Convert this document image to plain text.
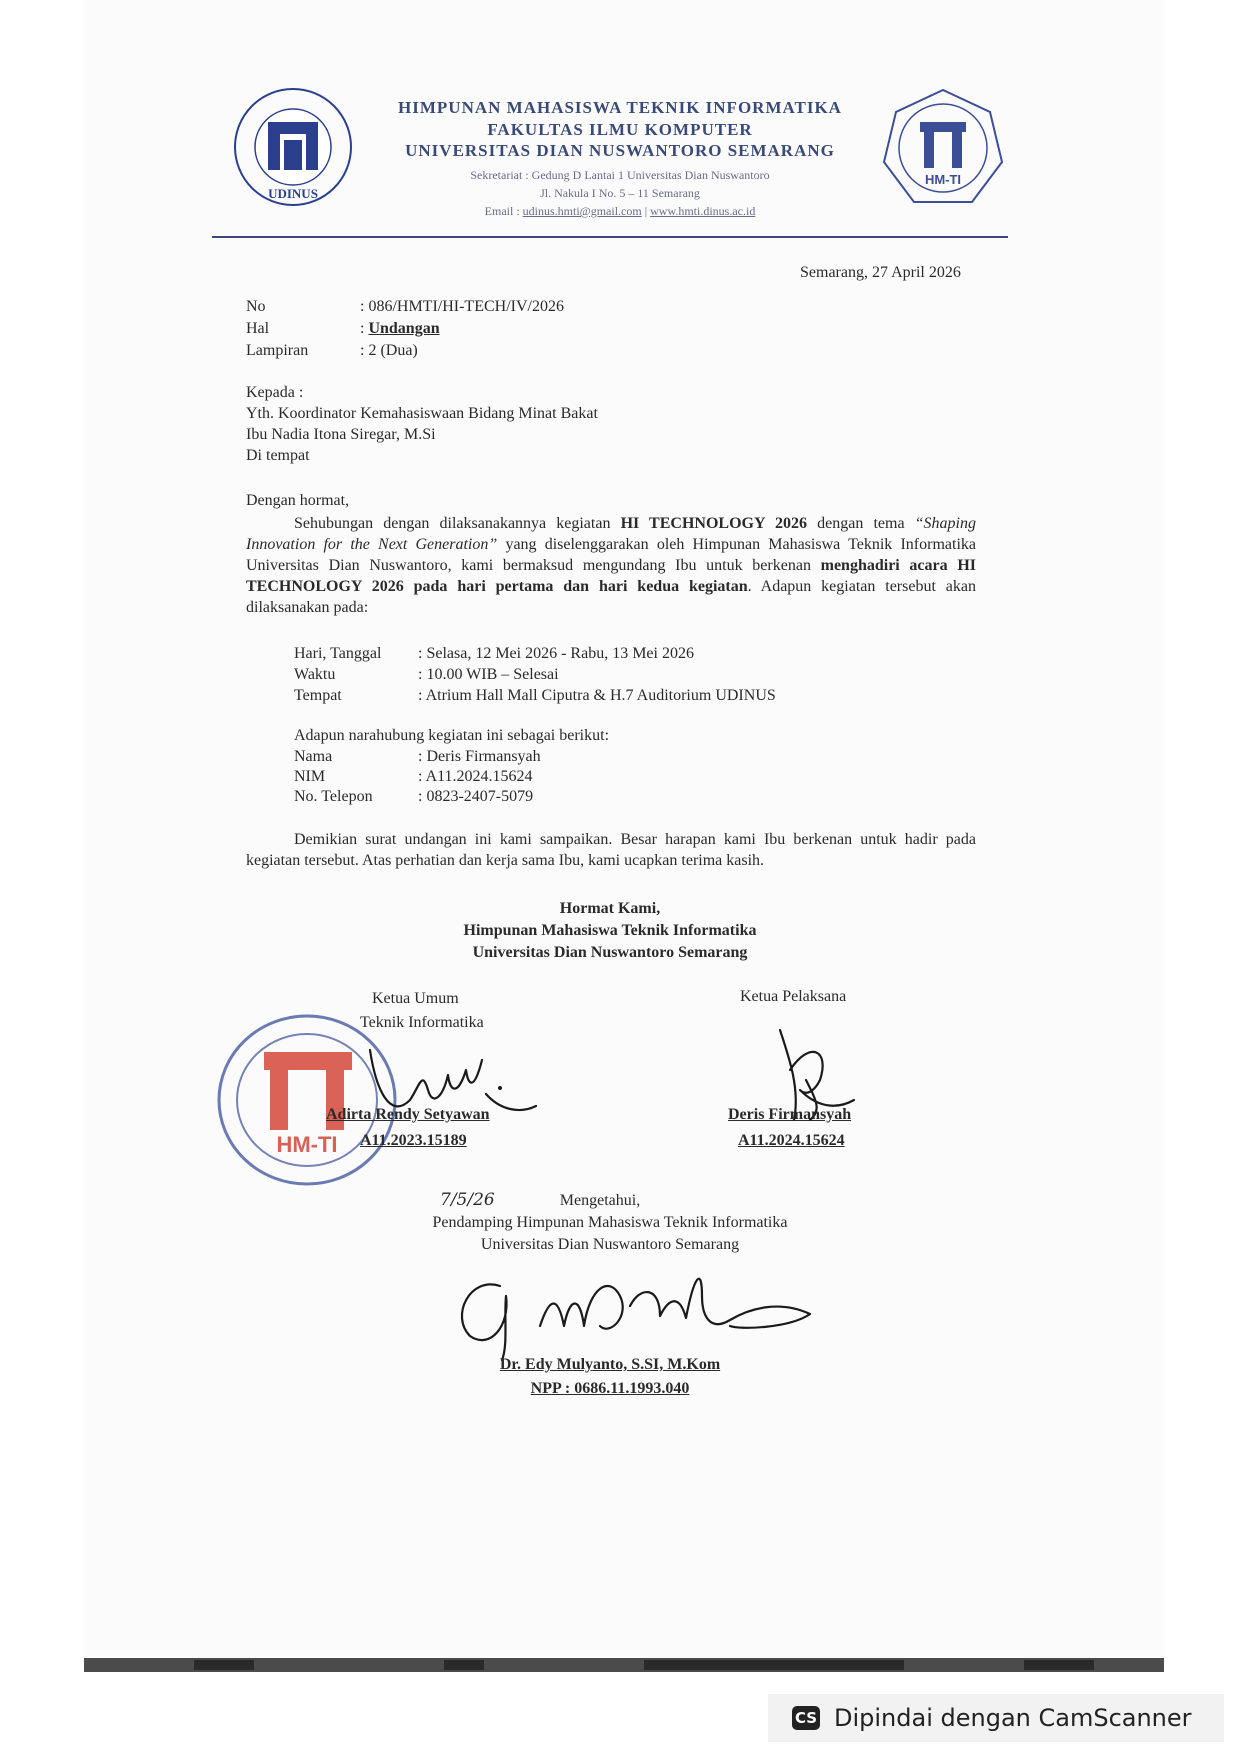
UDINUS
HM-TI
HIMPUNAN MAHASISWA TEKNIK INFORMATIKA
FAKULTAS ILMU KOMPUTER
UNIVERSITAS DIAN NUSWANTORO SEMARANG
Sekretariat : Gedung D Lantai 1 Universitas Dian Nuswantoro
Jl. Nakula I No. 5 – 11 Semarang
Email : udinus.hmti@gmail.com | www.hmti.dinus.ac.id
Semarang, 27 April 2026
No	: 086/HMTI/HI-TECH/IV/2026
Hal	: Undangan
Lampiran	: 2 (Dua)
Kepada :
Yth. Koordinator Kemahasiswaan Bidang Minat Bakat
Ibu Nadia Itona Siregar, M.Si
Di tempat
Dengan hormat,
Sehubungan dengan dilaksanakannya kegiatan HI TECHNOLOGY 2026 dengan tema “Shaping Innovation for the Next Generation” yang diselenggarakan oleh Himpunan Mahasiswa Teknik Informatika Universitas Dian Nuswantoro, kami bermaksud mengundang Ibu untuk berkenan menghadiri acara HI TECHNOLOGY 2026 pada hari pertama dan hari kedua kegiatan. Adapun kegiatan tersebut akan dilaksanakan pada:
Hari, Tanggal : Selasa, 12 Mei 2026 - Rabu, 13 Mei 2026
Waktu	: 10.00 WIB – Selesai
Tempat	: Atrium Hall Mall Ciputra & H.7 Auditorium UDINUS
Adapun narahubung kegiatan ini sebagai berikut:
Nama	: Deris Firmansyah
NIM	: A11.2024.15624
No. Telepon	: 0823-2407-5079
Demikian surat undangan ini kami sampaikan. Besar harapan kami Ibu berkenan untuk hadir pada kegiatan tersebut. Atas perhatian dan kerja sama Ibu, kami ucapkan terima kasih.
Hormat Kami,
Himpunan Mahasiswa Teknik Informatika
Universitas Dian Nuswantoro Semarang
Ketua Umum
Teknik Informatika
HM-TI
Adirta Rendy Setyawan
A11.2023.15189
Ketua Pelaksana
Deris Firmansyah
A11.2024.15624
7/5/26	Mengetahui,
Pendamping Himpunan Mahasiswa Teknik Informatika
Universitas Dian Nuswantoro Semarang
Dr. Edy Mulyanto, S.SI, M.Kom
NPP : 0686.11.1993.040
CS Dipindai dengan CamScanner
